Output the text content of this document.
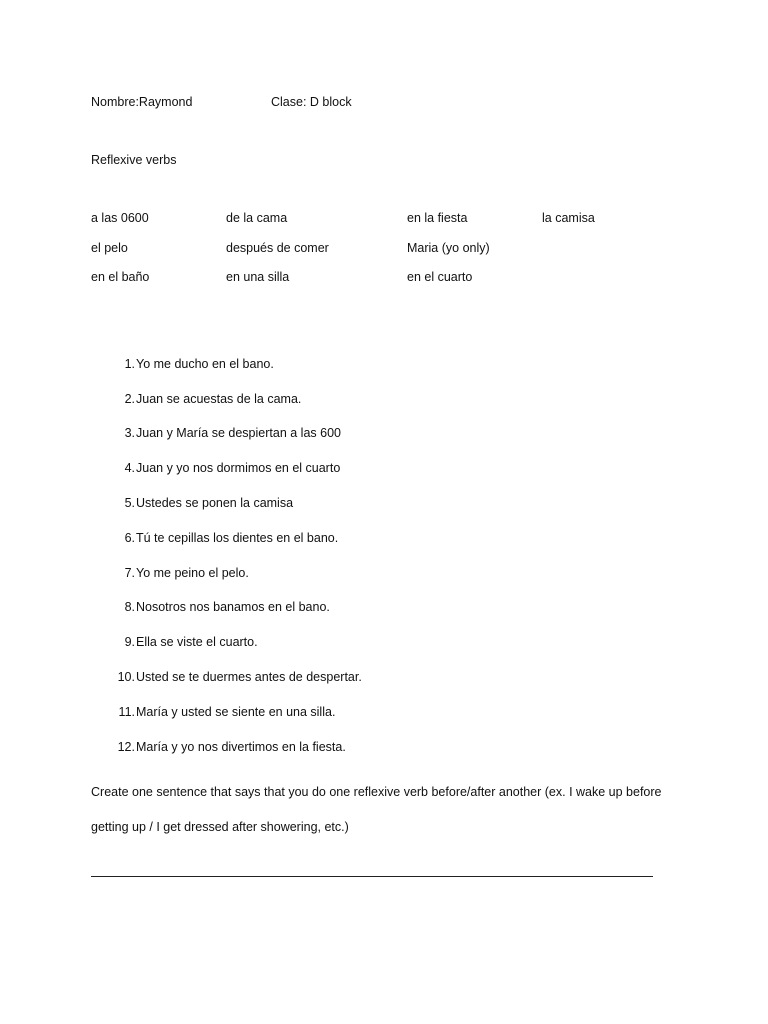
Nombre:Raymond	Clase: D block
Reflexive verbs
a las 0600	de la cama	en la fiesta	la camisa
el pelo	después de comer	Maria (yo only)
en el baño	en una silla	en el cuarto
1. Yo me ducho en el bano.
2. Juan se acuestas de la cama.
3. Juan y María se despiertan a las 600
4. Juan y yo nos dormimos en el cuarto
5. Ustedes se ponen la camisa
6. Tú te cepillas los dientes en el bano.
7. Yo me peino el pelo.
8. Nosotros nos banamos en el bano.
9. Ella se viste el cuarto.
10. Usted se te duermes antes de despertar.
11. María y usted se siente en una silla.
12. María y yo nos divertimos en la fiesta.
Create one sentence that says that you do one reflexive verb before/after another (ex. I wake up before
getting up / I get dressed after showering, etc.)
